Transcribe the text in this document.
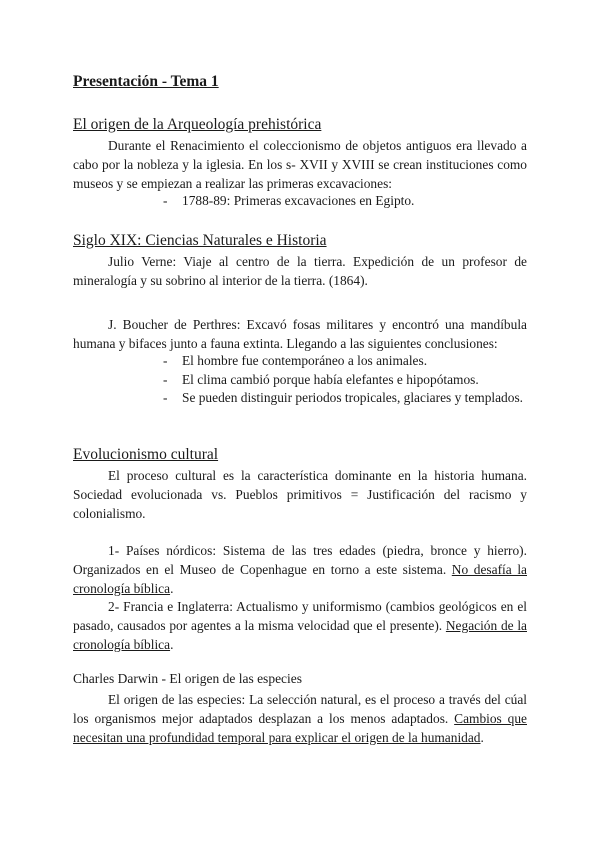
Presentación - Tema 1
El origen de la Arqueología prehistórica
Durante el Renacimiento el coleccionismo de objetos antiguos era llevado a cabo por la nobleza y la iglesia. En los s- XVII y XVIII se crean instituciones como museos y se empiezan a realizar las primeras excavaciones:
- 1788-89: Primeras excavaciones en Egipto.
Siglo XIX: Ciencias Naturales e Historia
Julio Verne: Viaje al centro de la tierra. Expedición de un profesor de mineralogía y su sobrino al interior de la tierra. (1864).
J. Boucher de Perthres: Excavó fosas militares y encontró una mandíbula humana y bifaces junto a fauna extinta. Llegando a las siguientes conclusiones:
- El hombre fue contemporáneo a los animales.
- El clima cambió porque había elefantes e hipopótamos.
- Se pueden distinguir periodos tropicales, glaciares y templados.
Evolucionismo cultural
El proceso cultural es la característica dominante en la historia humana. Sociedad evolucionada vs. Pueblos primitivos = Justificación del racismo y colonialismo.
1- Países nórdicos: Sistema de las tres edades (piedra, bronce y hierro). Organizados en el Museo de Copenhague en torno a este sistema. No desafía la cronología bíblica.
2- Francia e Inglaterra: Actualismo y uniformismo (cambios geológicos en el pasado, causados por agentes a la misma velocidad que el presente). Negación de la cronología bíblica.
Charles Darwin - El origen de las especies
El origen de las especies: La selección natural, es el proceso a través del cúal los organismos mejor adaptados desplazan a los menos adaptados. Cambios que necesitan una profundidad temporal para explicar el origen de la humanidad.
